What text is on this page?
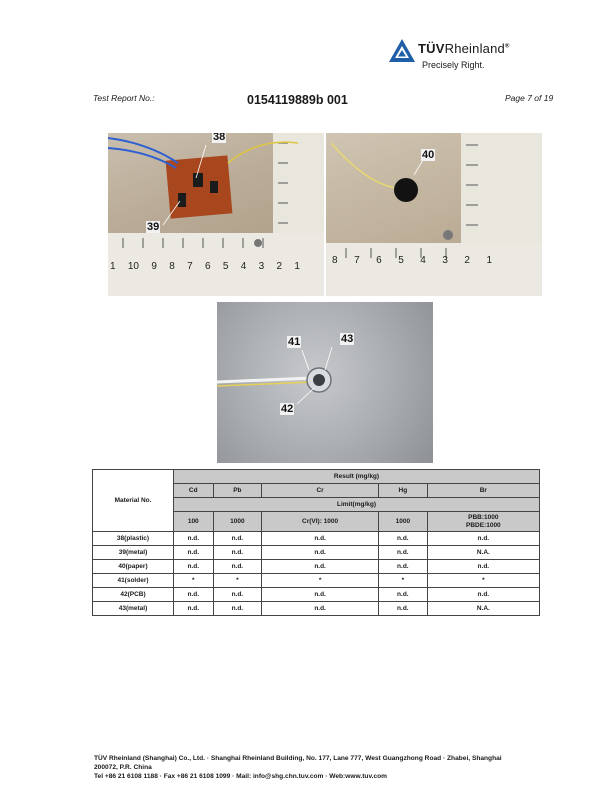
TÜVRheinland®
Precisely Right.
Test Report No.:	0154119889b 001	Page 7 of 19
38
39
1 10 9 8 7 6 5 4 3 2 1
40
8 7 6 5 4 3 2 1
41	43
42
Material No.	Result (mg/kg)				
	Cd	Pb	Cr	Hg	Br
	Limit(mg/kg)				
	100	1000	Cr(VI): 1000	1000	PBB:1000
PBDE:1000
38(plastic)	n.d.	n.d.	n.d.	n.d.	n.d.
39(metal)	n.d.	n.d.	n.d.	n.d.	N.A.
40(paper)	n.d.	n.d.	n.d.	n.d.	n.d.
41(solder)	*	*	*	*	*
42(PCB)	n.d.	n.d.	n.d.	n.d.	n.d.
43(metal)	n.d.	n.d.	n.d.	n.d.	N.A.
TÜV Rheinland (Shanghai) Co., Ltd. · Shanghai Rheinland Building, No. 177, Lane 777, West Guangzhong Road · Zhabei, Shanghai
200072, P.R. China
Tel +86 21 6108 1188 · Fax +86 21 6108 1099 · Mail: info@shg.chn.tuv.com · Web:www.tuv.com
